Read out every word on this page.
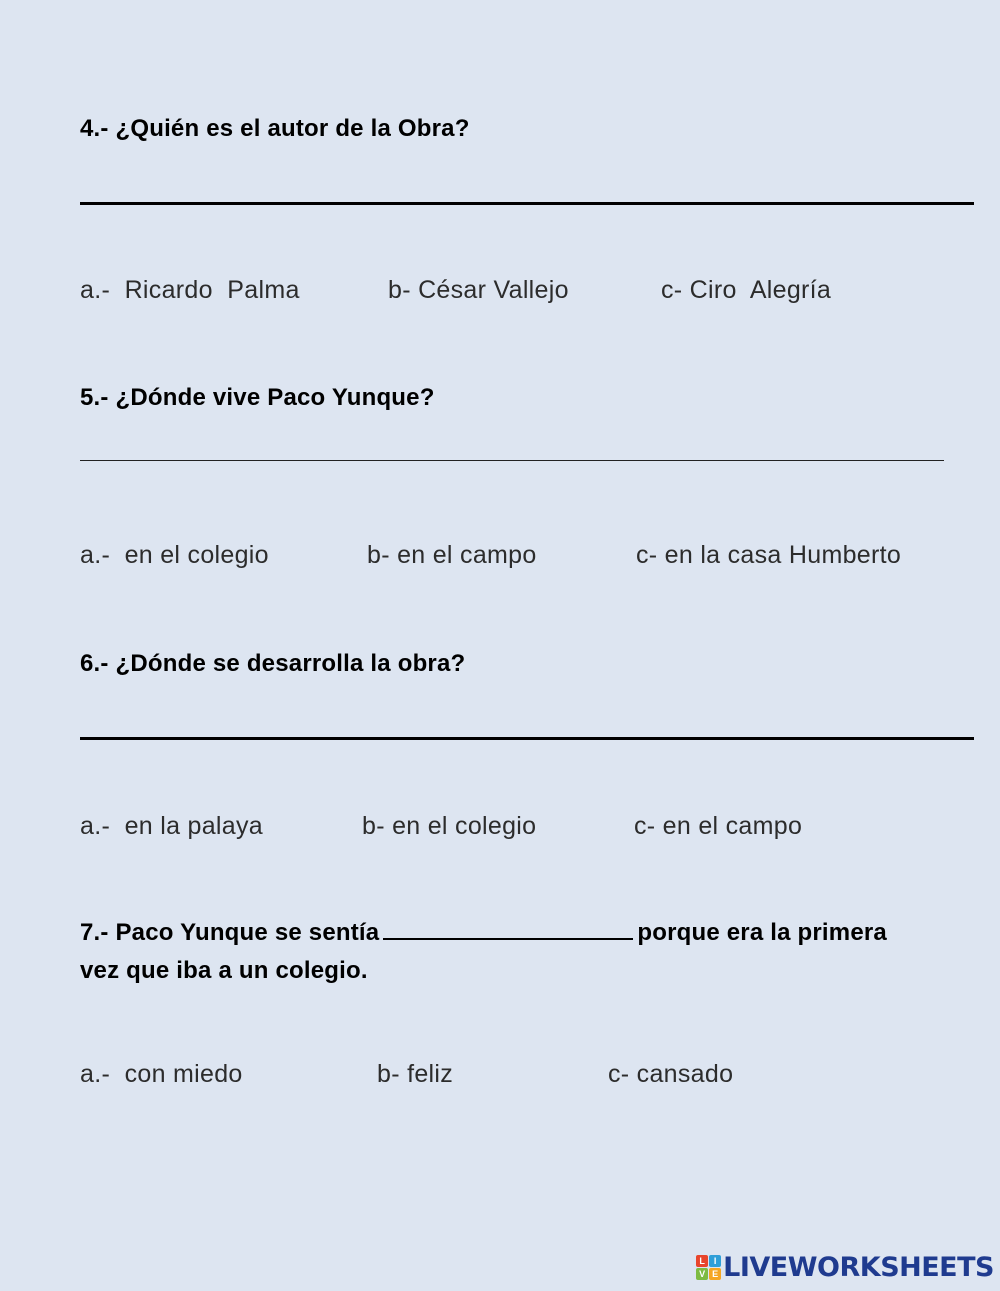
4.- ¿Quién es el autor de la Obra?
a.-  Ricardo  Palma	b- César Vallejo	c- Ciro  Alegría
5.- ¿Dónde vive Paco Yunque?
a.-  en el colegio	b- en el campo	c- en la casa Humberto
6.- ¿Dónde se desarrolla la obra?
a.-  en la palaya	b- en el colegio	c- en el campo
7.- Paco Yunque se sentía	porque era la primera
vez que iba a un colegio.
a.-  con miedo	b- feliz	c- cansado
L I
V E LIVEWORKSHEETS
